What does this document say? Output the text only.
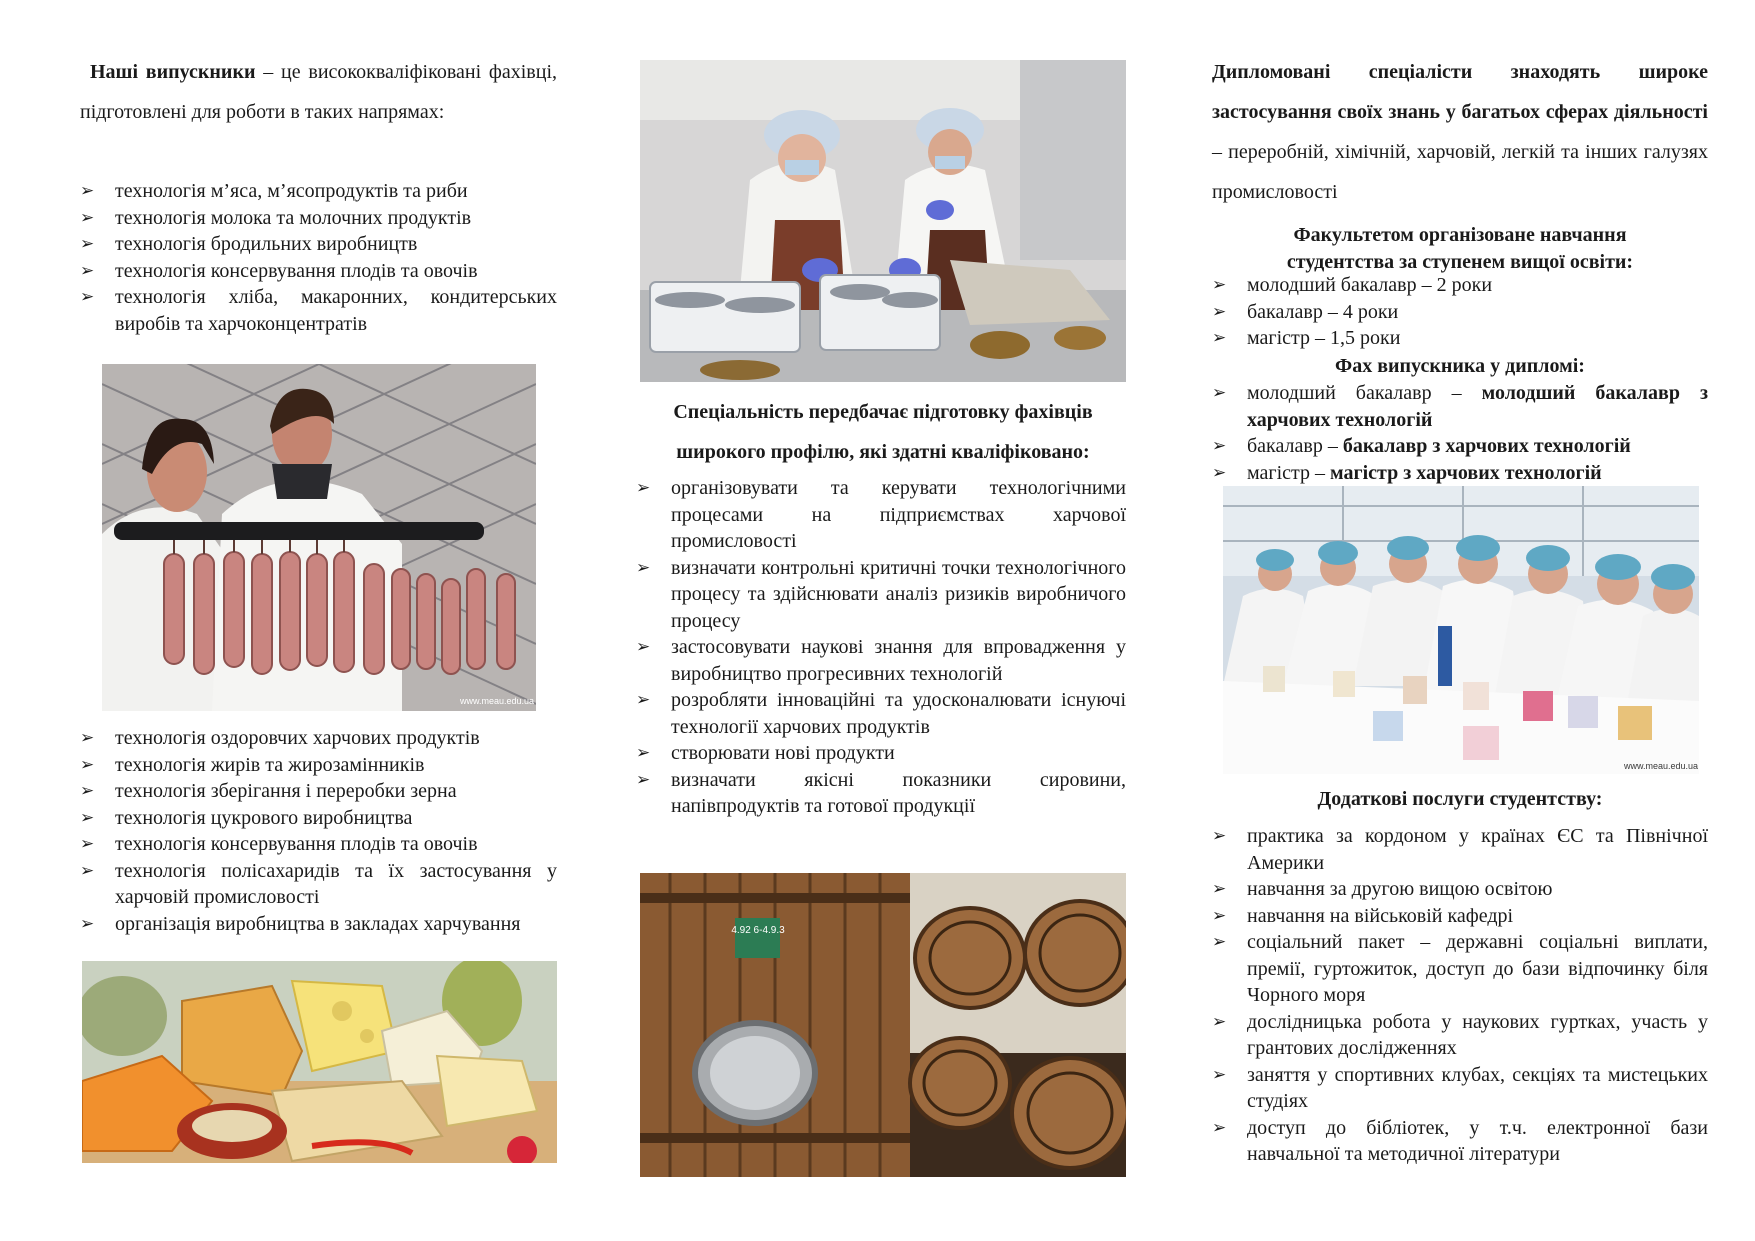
Наші випускники – це висококваліфіковані фахівці, підготовлені для роботи в таких напрямах:
➢ технологія м’яса, м’ясопродуктів та риби
➢ технологія молока та молочних продуктів
➢ технологія бродильних виробництв
➢ технологія консервування плодів та овочів
➢ технологія хліба, макаронних, кондитерських виробів та харчоконцентратів
www.meau.edu.ua
➢ технологія оздоровчих харчових продуктів
➢ технологія жирів та жирозамінників
➢ технологія зберігання і переробки зерна
➢ технологія цукрового виробництва
➢ технологія консервування плодів та овочів
➢ технологія полісахаридів та їх застосування у харчовій промисловості
➢ організація виробництва в закладах харчування
Спеціальність передбачає підготовку фахівців
широкого профілю, які здатні кваліфіковано:
➢ організовувати та керувати технологічними процесами на підприємствах харчової промисловості
➢ визначати контрольні критичні точки технологічного процесу та здійснювати аналіз ризиків виробничого процесу
➢ застосовувати наукові знання для впровадження у виробництво прогресивних технологій
➢ розробляти інноваційні та удосконалювати існуючі технології харчових продуктів
➢ створювати нові продукти
➢ визначати якісні показники сировини, напівпродуктів та готової продукції
4.92 6-4.9.3
Дипломовані спеціалісти знаходять широке застосування своїх знань у багатьох сферах діяльності – переробній, хімічній, харчовій, легкій та інших галузях промисловості
Факультетом організоване навчання студентства за ступенем вищої освіти:
➢ молодший бакалавр – 2 роки
➢ бакалавр – 4 роки
➢ магістр – 1,5 роки
Фах випускника у дипломі:
➢ молодший бакалавр – молодший бакалавр з харчових технологій
➢ бакалавр – бакалавр з харчових технологій
➢ магістр – магістр з харчових технологій
www.meau.edu.ua
Додаткові послуги студентству:
➢ практика за кордоном у країнах ЄС та Північної Америки
➢ навчання за другою вищою освітою
➢ навчання на військовій кафедрі
➢ соціальний пакет – державні соціальні виплати, премії, гуртожиток, доступ до бази відпочинку біля Чорного моря
➢ дослідницька робота у наукових гуртках, участь у грантових дослідженнях
➢ заняття у спортивних клубах, секціях та мистецьких студіях
➢ доступ до бібліотек, у т.ч. електронної бази навчальної та методичної літератури
